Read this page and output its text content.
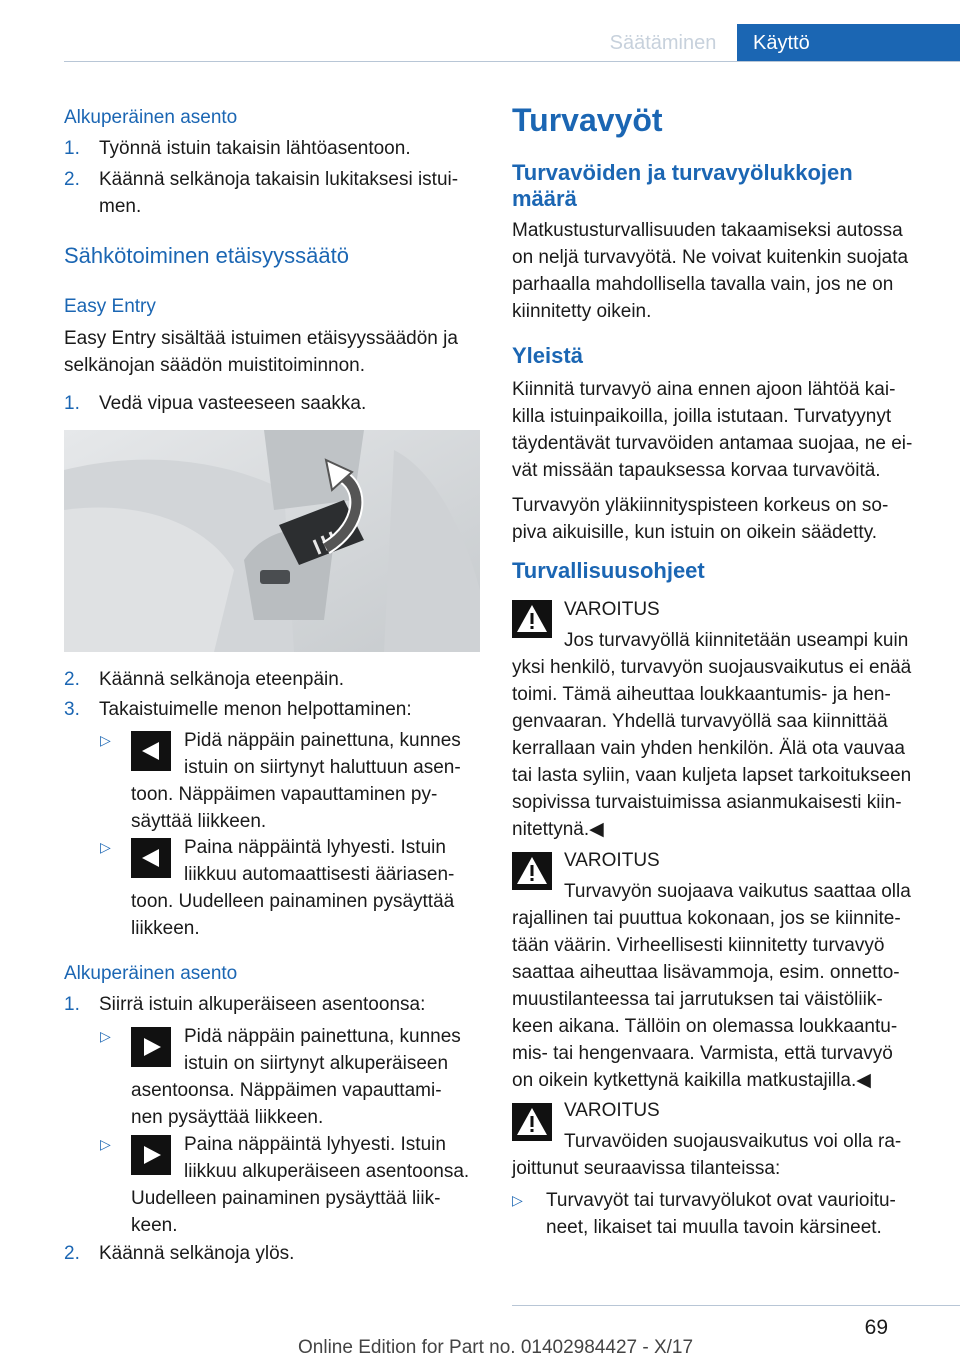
Säätäminen	Käyttö
Alkuperäinen asento
1. Työnnä istuin takaisin lähtöasentoon.
2. Käännä selkänoja takaisin lukitaksesi istui-
men.
Sähkötoiminen etäisyyssäätö
Easy Entry
Easy Entry sisältää istuimen etäisyyssäädön ja
selkänojan säädön muistitoiminnon.
1. Vedä vipua vasteeseen saakka.
2. Käännä selkänoja eteenpäin.
3. Takaistuimelle menon helpottaminen:
▷	Pidä näppäin painettuna, kunnes
istuin on siirtynyt haluttuun asen-
toon. Näppäimen vapauttaminen py-
säyttää liikkeen.
▷	Paina näppäintä lyhyesti. Istuin
liikkuu automaattisesti ääriasen-
toon. Uudelleen painaminen pysäyttää
liikkeen.
Alkuperäinen asento
1. Siirrä istuin alkuperäiseen asentoonsa:
▷	Pidä näppäin painettuna, kunnes
istuin on siirtynyt alkuperäiseen
asentoonsa. Näppäimen vapauttami-
nen pysäyttää liikkeen.
▷	Paina näppäintä lyhyesti. Istuin
liikkuu alkuperäiseen asentoonsa.
Uudelleen painaminen pysäyttää liik-
keen.
2. Käännä selkänoja ylös.
Turvavyöt
Turvavöiden ja turvavyölukkojen
määrä
Matkustusturvallisuuden takaamiseksi autossa
on neljä turvavyötä. Ne voivat kuitenkin suojata
parhaalla mahdollisella tavalla vain, jos ne on
kiinnitetty oikein.
Yleistä
Kiinnitä turvavyö aina ennen ajoon lähtöä kai-
killa istuinpaikoilla, joilla istutaan. Turvatyynyt
täydentävät turvavöiden antamaa suojaa, ne ei-
vät missään tapauksessa korvaa turvavöitä.
Turvavyön yläkiinnityspisteen korkeus on so-
piva aikuisille, kun istuin on oikein säädetty.
Turvallisuusohjeet
VAROITUS
Jos turvavyöllä kiinnitetään useampi kuin
yksi henkilö, turvavyön suojausvaikutus ei enää
toimi. Tämä aiheuttaa loukkaantumis- ja hen-
genvaaran. Yhdellä turvavyöllä saa kiinnittää
kerrallaan vain yhden henkilön. Älä ota vauvaa
tai lasta syliin, vaan kuljeta lapset tarkoitukseen
sopivissa turvaistuimissa asianmukaisesti kiin-
nitettynä.◀
VAROITUS
Turvavyön suojaava vaikutus saattaa olla
rajallinen tai puuttua kokonaan, jos se kiinnite-
tään väärin. Virheellisesti kiinnitetty turvavyö
saattaa aiheuttaa lisävammoja, esim. onnetto-
muustilanteessa tai jarrutuksen tai väistöliik-
keen aikana. Tällöin on olemassa loukkaantu-
mis- tai hengenvaara. Varmista, että turvavyö
on oikein kytkettynä kaikilla matkustajilla.◀
VAROITUS
Turvavöiden suojausvaikutus voi olla ra-
joittunut seuraavissa tilanteissa:
▷ Turvavyöt tai turvavyölukot ovat vaurioitu-
neet, likaiset tai muulla tavoin kärsineet.
69
Online Edition for Part no. 01402984427 - X/17
